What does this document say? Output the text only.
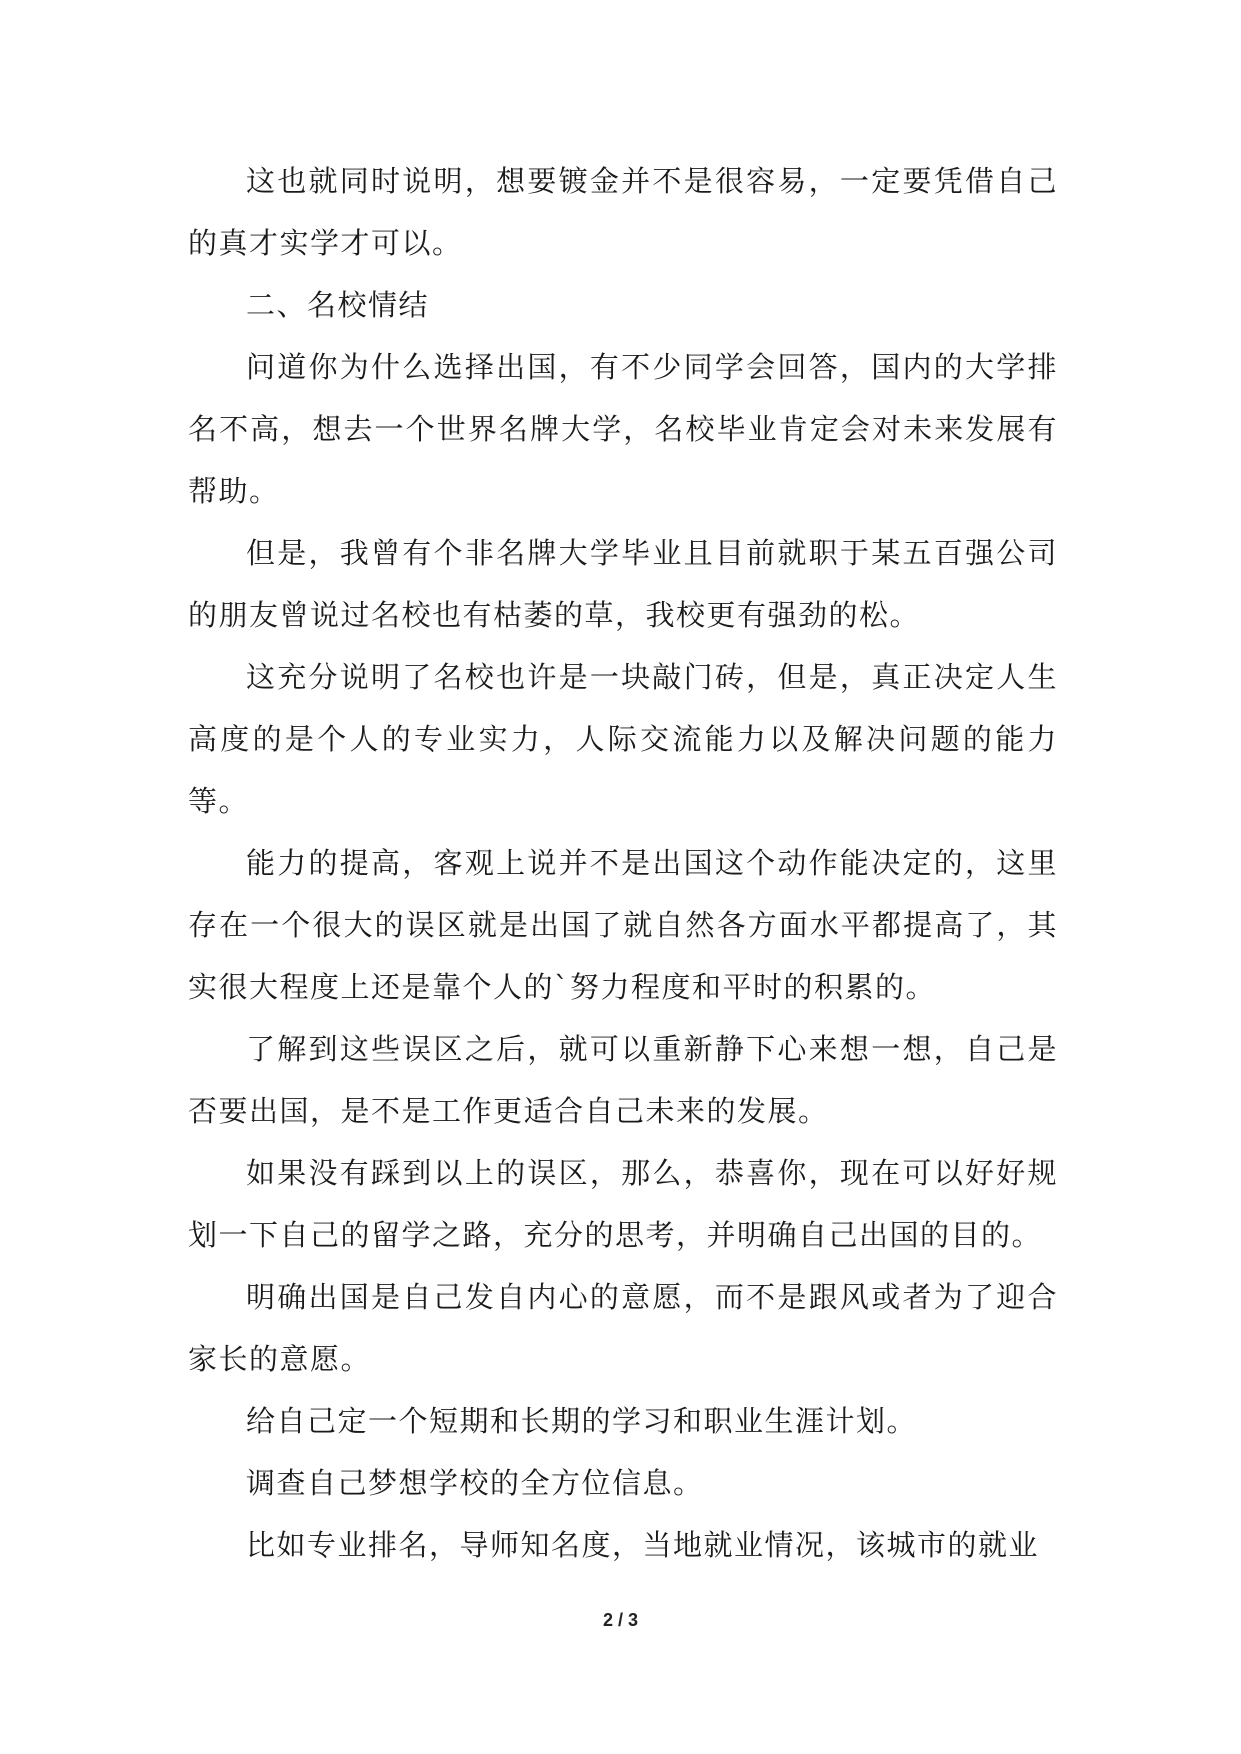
这也就同时说明，想要镀金并不是很容易，一定要凭借自己的真才实学才可以。

二、名校情结

问道你为什么选择出国，有不少同学会回答，国内的大学排名不高，想去一个世界名牌大学，名校毕业肯定会对未来发展有帮助。

但是，我曾有个非名牌大学毕业且目前就职于某五百强公司的朋友曾说过名校也有枯萎的草，我校更有强劲的松。

这充分说明了名校也许是一块敲门砖，但是，真正决定人生高度的是个人的专业实力，人际交流能力以及解决问题的能力等。

能力的提高，客观上说并不是出国这个动作能决定的，这里存在一个很大的误区就是出国了就自然各方面水平都提高了，其实很大程度上还是靠个人的`努力程度和平时的积累的。

了解到这些误区之后，就可以重新静下心来想一想，自己是否要出国，是不是工作更适合自己未来的发展。

如果没有踩到以上的误区，那么，恭喜你，现在可以好好规划一下自己的留学之路，充分的思考，并明确自己出国的目的。

明确出国是自己发自内心的意愿，而不是跟风或者为了迎合家长的意愿。

给自己定一个短期和长期的学习和职业生涯计划。

调查自己梦想学校的全方位信息。

比如专业排名，导师知名度，当地就业情况，该城市的就业

2 / 3
